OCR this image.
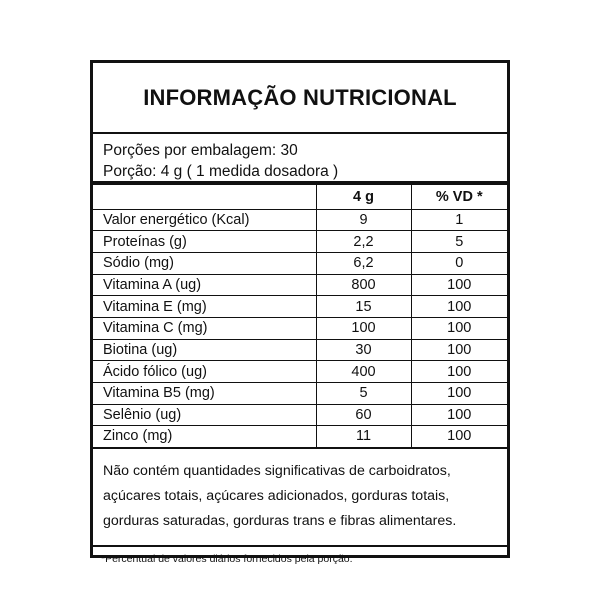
INFORMAÇÃO NUTRICIONAL
Porções por embalagem: 30
Porção: 4 g ( 1 medida dosadora )
	4 g	% VD *
Valor energético (Kcal)	9	1
Proteínas (g)	2,2	5
Sódio (mg)	6,2	0
Vitamina A (ug)	800	100
Vitamina E (mg)	15	100
Vitamina C (mg)	100	100
Biotina (ug)	30	100
Ácido fólico (ug)	400	100
Vitamina B5 (mg)	5	100
Selênio (ug)	60	100
Zinco (mg)	11	100
Não contém quantidades significativas de carboidratos,
açúcares totais, açúcares adicionados, gorduras totais,
gorduras saturadas, gorduras trans e fibras alimentares.
*Percentual de valores diários fornecidos pela porção.
